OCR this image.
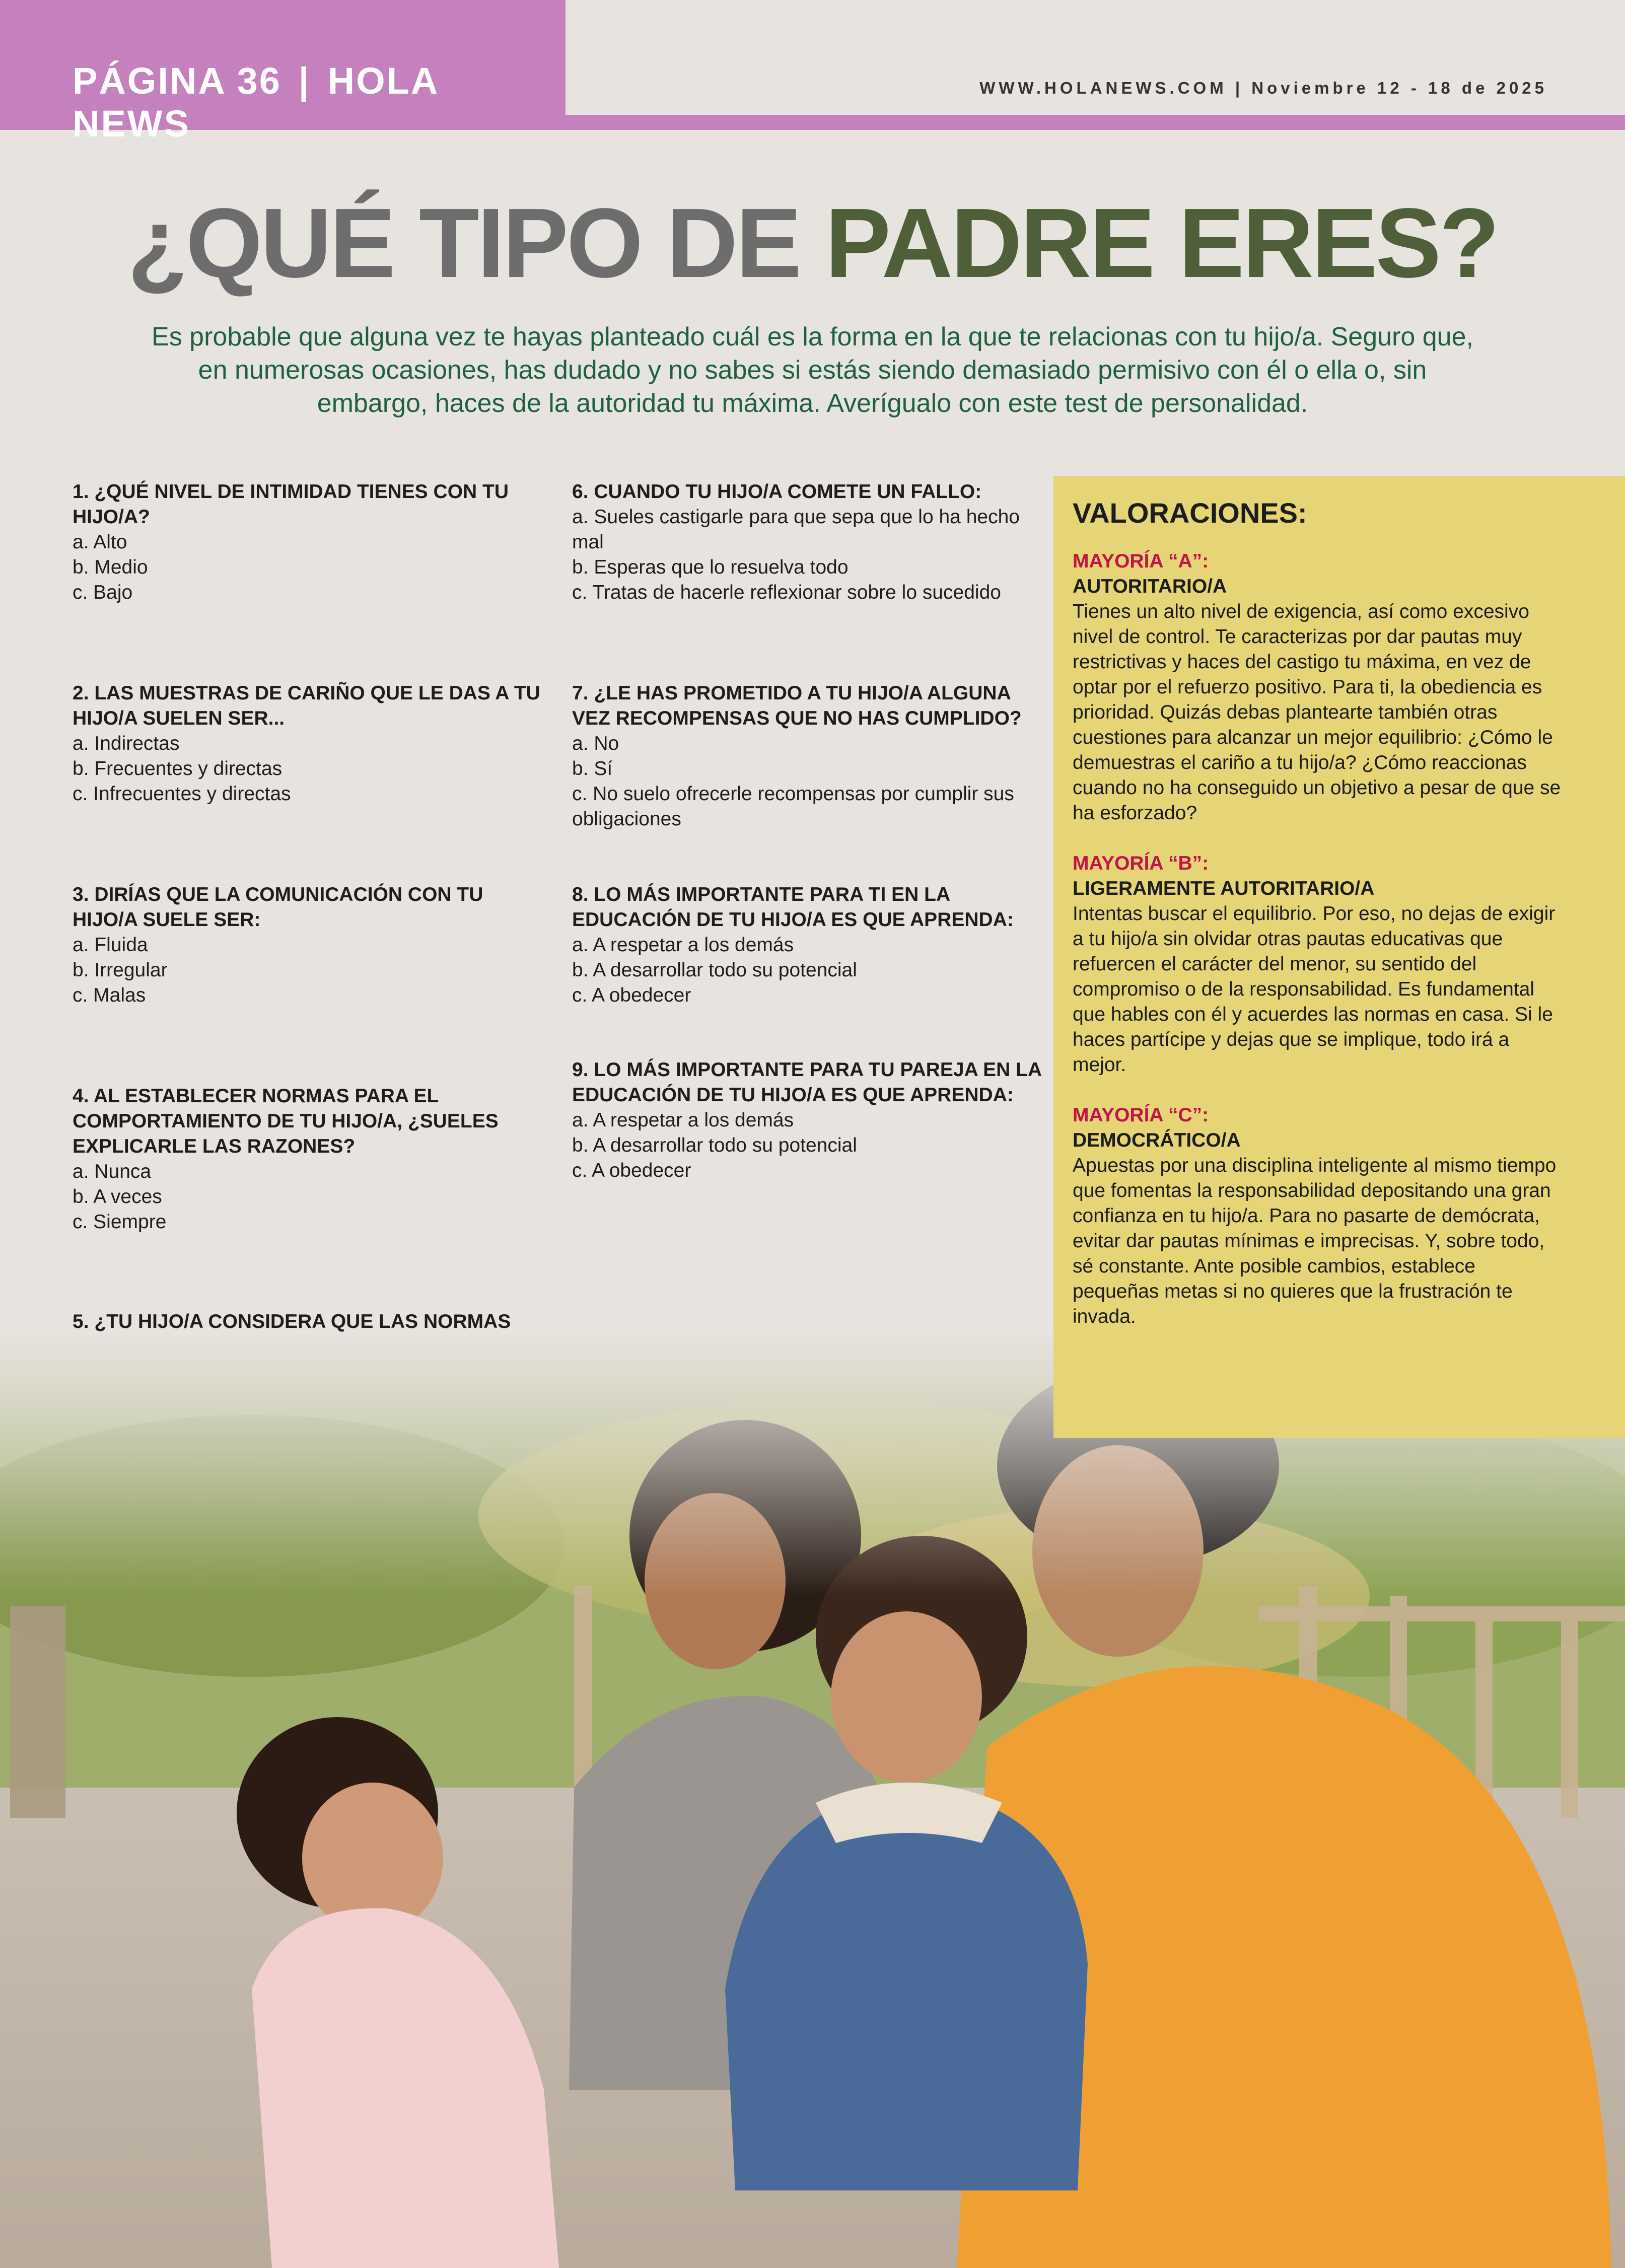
PÁGINA 36 | HOLA NEWS
WWW.HOLANEWS.COM | Noviembre 12 - 18 de 2025
¿QUÉ TIPO DE PADRE ERES?

Es probable que alguna vez te hayas planteado cuál es la forma en la que te relacionas con tu hijo/a. Seguro que, en numerosas ocasiones, has dudado y no sabes si estás siendo demasiado permisivo con él o ella o, sin embargo, haces de la autoridad tu máxima. Averígualo con este test de personalidad.

1. ¿QUÉ NIVEL DE INTIMIDAD TIENES CON TU HIJO/A?
a. Alto
b. Medio
c. Bajo
2. LAS MUESTRAS DE CARIÑO QUE LE DAS A TU HIJO/A SUELEN SER...
a. Indirectas
b. Frecuentes y directas
c. Infrecuentes y directas
3. DIRÍAS QUE LA COMUNICACIÓN CON TU HIJO/A SUELE SER:
a. Fluida
b. Irregular
c. Malas
4. AL ESTABLECER NORMAS PARA EL COMPORTAMIENTO DE TU HIJO/A, ¿SUELES EXPLICARLE LAS RAZONES?
a. Nunca
b. A veces
c. Siempre
5. ¿TU HIJO/A CONSIDERA QUE LAS NORMAS
6. CUANDO TU HIJO/A COMETE UN FALLO:
a. Sueles castigarle para que sepa que lo ha hecho mal
b. Esperas que lo resuelva todo
c. Tratas de hacerle reflexionar sobre lo sucedido
7. ¿LE HAS PROMETIDO A TU HIJO/A ALGUNA VEZ RECOMPENSAS QUE NO HAS CUMPLIDO?
a. No
b. Sí
c. No suelo ofrecerle recompensas por cumplir sus obligaciones
8. LO MÁS IMPORTANTE PARA TI EN LA EDUCACIÓN DE TU HIJO/A ES QUE APRENDA:
a. A respetar a los demás
b. A desarrollar todo su potencial
c. A obedecer
9. LO MÁS IMPORTANTE PARA TU PAREJA EN LA EDUCACIÓN DE TU HIJO/A ES QUE APRENDA:
a. A respetar a los demás
b. A desarrollar todo su potencial
c. A obedecer
VALORACIONES:
MAYORÍA “A”:
AUTORITARIO/A
Tienes un alto nivel de exigencia, así como excesivo nivel de control. Te caracterizas por dar pautas muy restrictivas y haces del castigo tu máxima, en vez de optar por el refuerzo positivo. Para ti, la obediencia es prioridad. Quizás debas plantearte también otras cuestiones para alcanzar un mejor equilibrio: ¿Cómo le demuestras el cariño a tu hijo/a? ¿Cómo reaccionas cuando no ha conseguido un objetivo a pesar de que se ha esforzado?
MAYORÍA “B”:
LIGERAMENTE AUTORITARIO/A
Intentas buscar el equilibrio. Por eso, no dejas de exigir a tu hijo/a sin olvidar otras pautas educativas que refuercen el carácter del menor, su sentido del compromiso o de la responsabilidad. Es fundamental que hables con él y acuerdes las normas en casa. Si le haces partícipe y dejas que se implique, todo irá a mejor.
MAYORÍA “C”:
DEMOCRÁTICO/A
Apuestas por una disciplina inteligente al mismo tiempo que fomentas la responsabilidad depositando una gran confianza en tu hijo/a. Para no pasarte de demócrata, evitar dar pautas mínimas e imprecisas. Y, sobre todo, sé constante. Ante posible cambios, establece pequeñas metas si no quieres que la frustración te invada.
